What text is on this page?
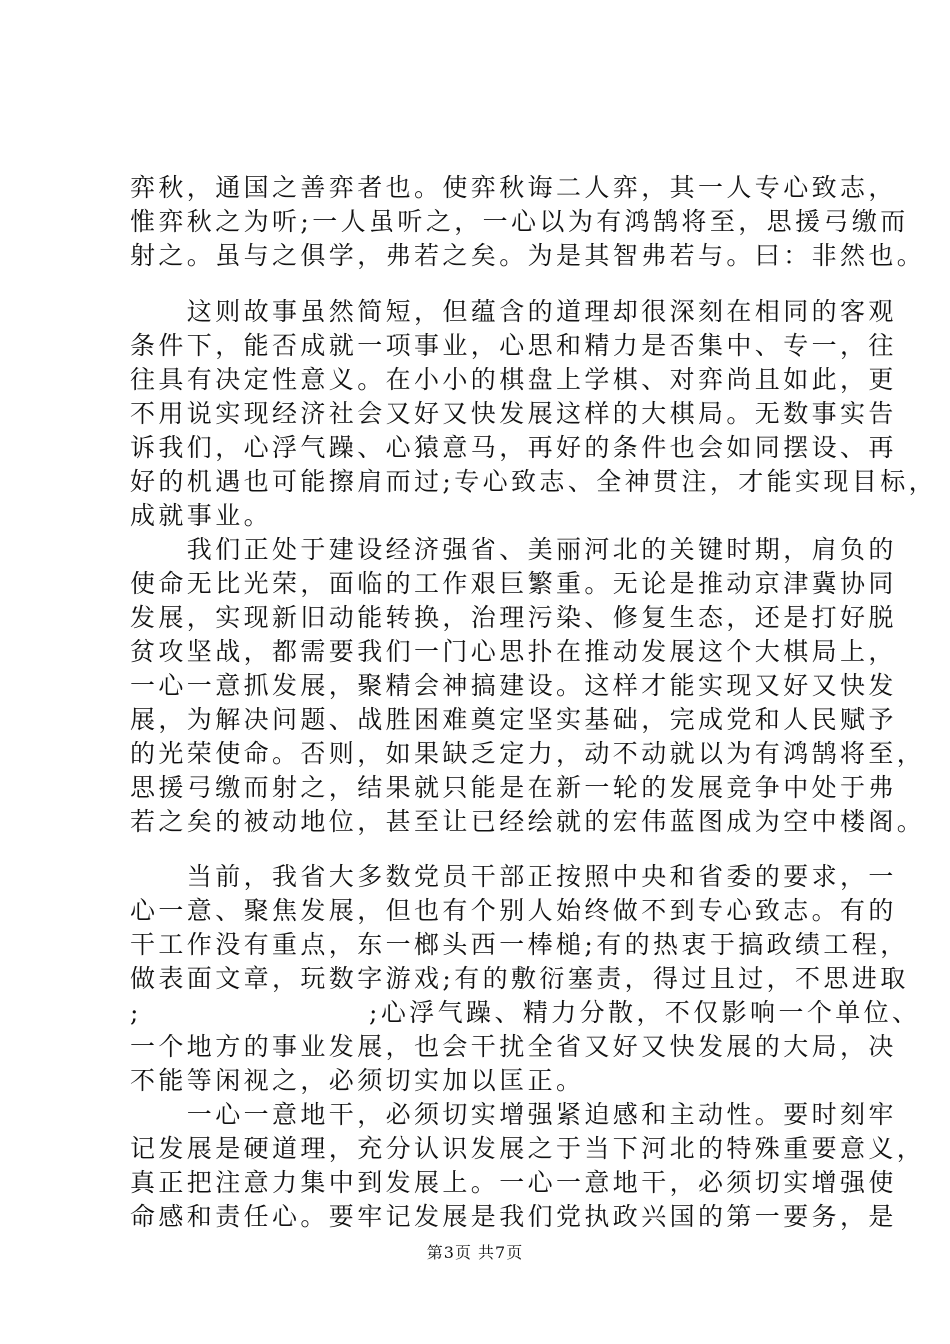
弈秋，通国之善弈者也。使弈秋诲二人弈，其一人专心致志，
惟弈秋之为听;一人虽听之，一心以为有鸿鹄将至，思援弓缴而
射之。虽与之俱学，弗若之矣。为是其智弗若与。曰：非然也。
　　这则故事虽然简短，但蕴含的道理却很深刻在相同的客观
条件下，能否成就一项事业，心思和精力是否集中、专一，往
往具有决定性意义。在小小的棋盘上学棋、对弈尚且如此，更
不用说实现经济社会又好又快发展这样的大棋局。无数事实告
诉我们，心浮气躁、心猿意马，再好的条件也会如同摆设、再
好的机遇也可能擦肩而过;专心致志、全神贯注，才能实现目标，
成就事业。
　　我们正处于建设经济强省、美丽河北的关键时期，肩负的
使命无比光荣，面临的工作艰巨繁重。无论是推动京津冀协同
发展，实现新旧动能转换，治理污染、修复生态，还是打好脱
贫攻坚战，都需要我们一门心思扑在推动发展这个大棋局上，
一心一意抓发展，聚精会神搞建设。这样才能实现又好又快发
展，为解决问题、战胜困难奠定坚实基础，完成党和人民赋予
的光荣使命。否则，如果缺乏定力，动不动就以为有鸿鹄将至，
思援弓缴而射之，结果就只能是在新一轮的发展竞争中处于弗
若之矣的被动地位，甚至让已经绘就的宏伟蓝图成为空中楼阁。
　　当前，我省大多数党员干部正按照中央和省委的要求，一
心一意、聚焦发展，但也有个别人始终做不到专心致志。有的
干工作没有重点，东一榔头西一棒槌;有的热衷于搞政绩工程，
做表面文章，玩数字游戏;有的敷衍塞责，得过且过，不思进取
;　　　　　　　　;心浮气躁、精力分散，不仅影响一个单位、
一个地方的事业发展，也会干扰全省又好又快发展的大局，决
不能等闲视之，必须切实加以匡正。
　　一心一意地干，必须切实增强紧迫感和主动性。要时刻牢
记发展是硬道理，充分认识发展之于当下河北的特殊重要意义，
真正把注意力集中到发展上。一心一意地干，必须切实增强使
命感和责任心。要牢记发展是我们党执政兴国的第一要务，是
第3页 共7页
